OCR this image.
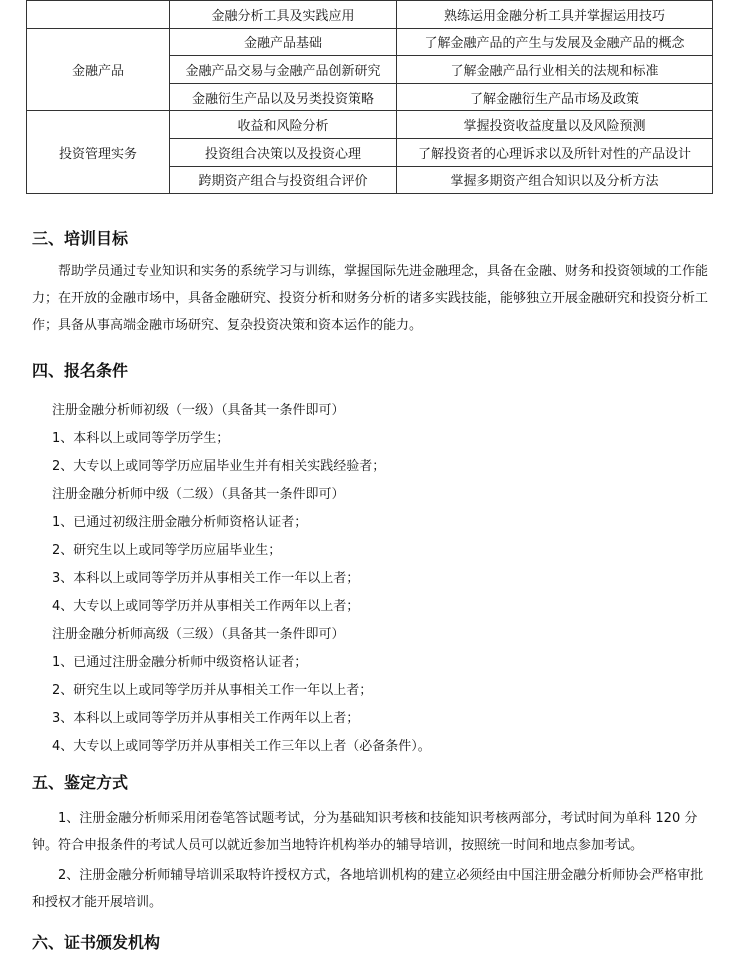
	金融分析工具及实践应用	熟练运用金融分析工具并掌握运用技巧
金融产品	金融产品基础	了解金融产品的产生与发展及金融产品的概念
	金融产品交易与金融产品创新研究	了解金融产品行业相关的法规和标准
	金融衍生产品以及另类投资策略	了解金融衍生产品市场及政策
投资管理实务	收益和风险分析	掌握投资收益度量以及风险预测
	投资组合决策以及投资心理	了解投资者的心理诉求以及所针对性的产品设计
	跨期资产组合与投资组合评价	掌握多期资产组合知识以及分析方法
三、培训目标
帮助学员通过专业知识和实务的系统学习与训练，掌握国际先进金融理念，具备在金融、财务和投资领域的工作能力；在开放的金融市场中，具备金融研究、投资分析和财务分析的诸多实践技能，能够独立开展金融研究和投资分析工作；具备从事高端金融市场研究、复杂投资决策和资本运作的能力。
四、报名条件
注册金融分析师初级（一级）（具备其一条件即可）
1、本科以上或同等学历学生；
2、大专以上或同等学历应届毕业生并有相关实践经验者；
注册金融分析师中级（二级）（具备其一条件即可）
1、已通过初级注册金融分析师资格认证者；
2、研究生以上或同等学历应届毕业生；
3、本科以上或同等学历并从事相关工作一年以上者；
4、大专以上或同等学历并从事相关工作两年以上者；
注册金融分析师高级（三级）（具备其一条件即可）
1、已通过注册金融分析师中级资格认证者；
2、研究生以上或同等学历并从事相关工作一年以上者；
3、本科以上或同等学历并从事相关工作两年以上者；
4、大专以上或同等学历并从事相关工作三年以上者（必备条件）。
五、鉴定方式
1、注册金融分析师采用闭卷笔答试题考试，分为基础知识考核和技能知识考核两部分，考试时间为单科 120 分钟。符合申报条件的考试人员可以就近参加当地特许机构举办的辅导培训，按照统一时间和地点参加考试。
2、注册金融分析师辅导培训采取特许授权方式，各地培训机构的建立必须经由中国注册金融分析师协会严格审批和授权才能开展培训。
六、证书颁发机构
